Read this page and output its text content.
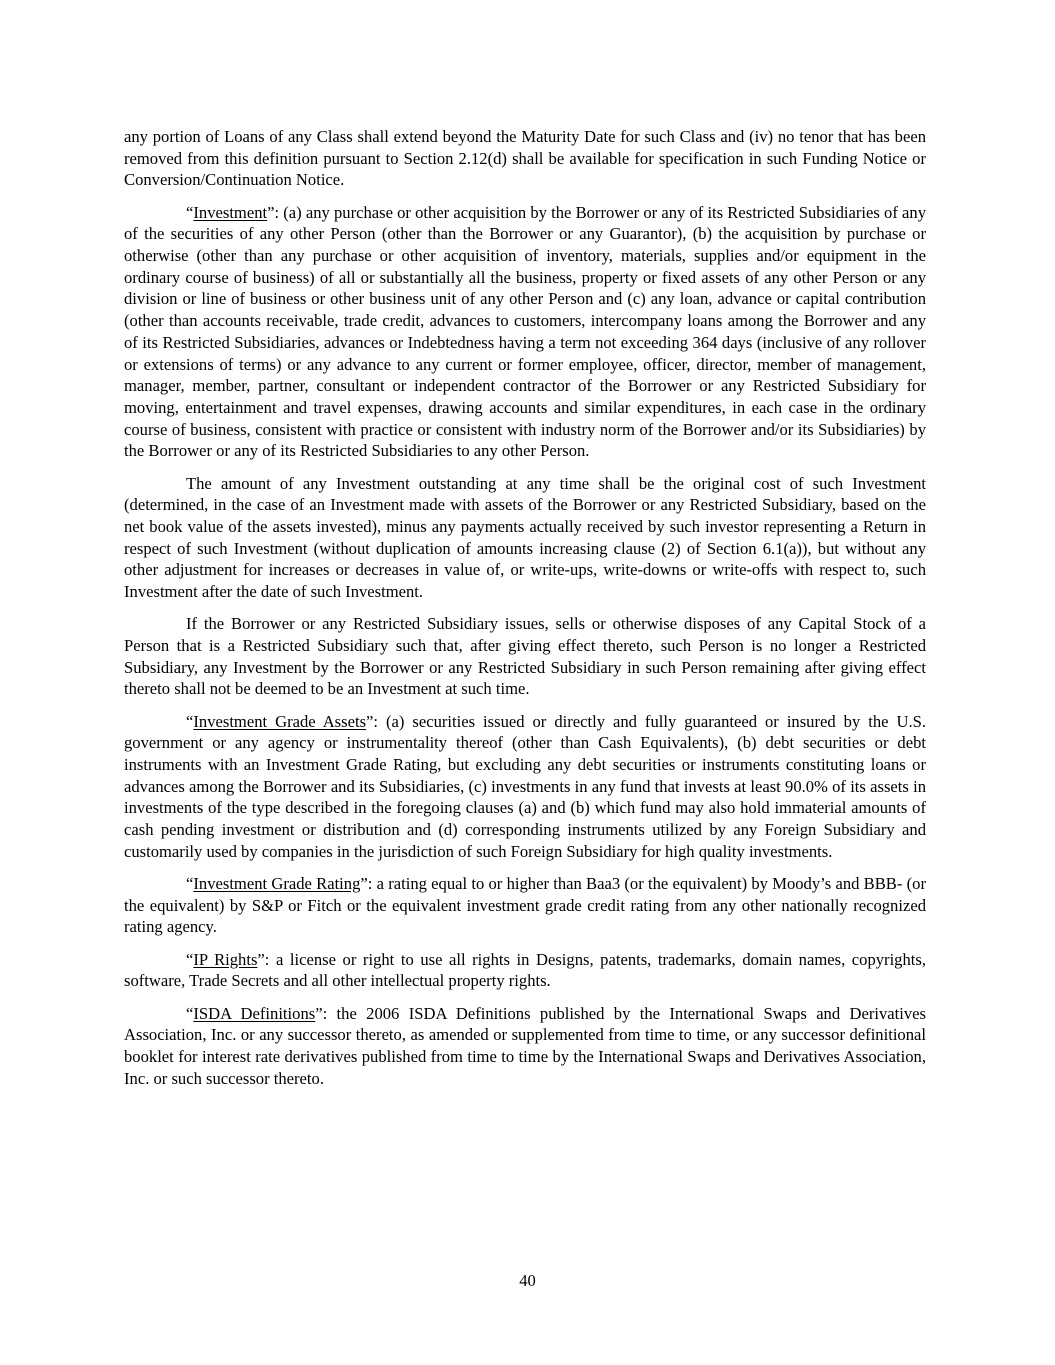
any portion of Loans of any Class shall extend beyond the Maturity Date for such Class and (iv) no tenor that has been removed from this definition pursuant to Section 2.12(d) shall be available for specification in such Funding Notice or Conversion/Continuation Notice.

“Investment”: (a) any purchase or other acquisition by the Borrower or any of its Restricted Subsidiaries of any of the securities of any other Person (other than the Borrower or any Guarantor), (b) the acquisition by purchase or otherwise (other than any purchase or other acquisition of inventory, materials, supplies and/or equipment in the ordinary course of business) of all or substantially all the business, property or fixed assets of any other Person or any division or line of business or other business unit of any other Person and (c) any loan, advance or capital contribution (other than accounts receivable, trade credit, advances to customers, intercompany loans among the Borrower and any of its Restricted Subsidiaries, advances or Indebtedness having a term not exceeding 364 days (inclusive of any rollover or extensions of terms) or any advance to any current or former employee, officer, director, member of management, manager, member, partner, consultant or independent contractor of the Borrower or any Restricted Subsidiary for moving, entertainment and travel expenses, drawing accounts and similar expenditures, in each case in the ordinary course of business, consistent with practice or consistent with industry norm of the Borrower and/or its Subsidiaries) by the Borrower or any of its Restricted Subsidiaries to any other Person.

The amount of any Investment outstanding at any time shall be the original cost of such Investment (determined, in the case of an Investment made with assets of the Borrower or any Restricted Subsidiary, based on the net book value of the assets invested), minus any payments actually received by such investor representing a Return in respect of such Investment (without duplication of amounts increasing clause (2) of Section 6.1(a)), but without any other adjustment for increases or decreases in value of, or write-ups, write-downs or write-offs with respect to, such Investment after the date of such Investment.

If the Borrower or any Restricted Subsidiary issues, sells or otherwise disposes of any Capital Stock of a Person that is a Restricted Subsidiary such that, after giving effect thereto, such Person is no longer a Restricted Subsidiary, any Investment by the Borrower or any Restricted Subsidiary in such Person remaining after giving effect thereto shall not be deemed to be an Investment at such time.

“Investment Grade Assets”: (a) securities issued or directly and fully guaranteed or insured by the U.S. government or any agency or instrumentality thereof (other than Cash Equivalents), (b) debt securities or debt instruments with an Investment Grade Rating, but excluding any debt securities or instruments constituting loans or advances among the Borrower and its Subsidiaries, (c) investments in any fund that invests at least 90.0% of its assets in investments of the type described in the foregoing clauses (a) and (b) which fund may also hold immaterial amounts of cash pending investment or distribution and (d) corresponding instruments utilized by any Foreign Subsidiary and customarily used by companies in the jurisdiction of such Foreign Subsidiary for high quality investments.

“Investment Grade Rating”: a rating equal to or higher than Baa3 (or the equivalent) by Moody’s and BBB- (or the equivalent) by S&P or Fitch or the equivalent investment grade credit rating from any other nationally recognized rating agency.

“IP Rights”: a license or right to use all rights in Designs, patents, trademarks, domain names, copyrights, software, Trade Secrets and all other intellectual property rights.

“ISDA Definitions”: the 2006 ISDA Definitions published by the International Swaps and Derivatives Association, Inc. or any successor thereto, as amended or supplemented from time to time, or any successor definitional booklet for interest rate derivatives published from time to time by the International Swaps and Derivatives Association, Inc. or such successor thereto.

40
